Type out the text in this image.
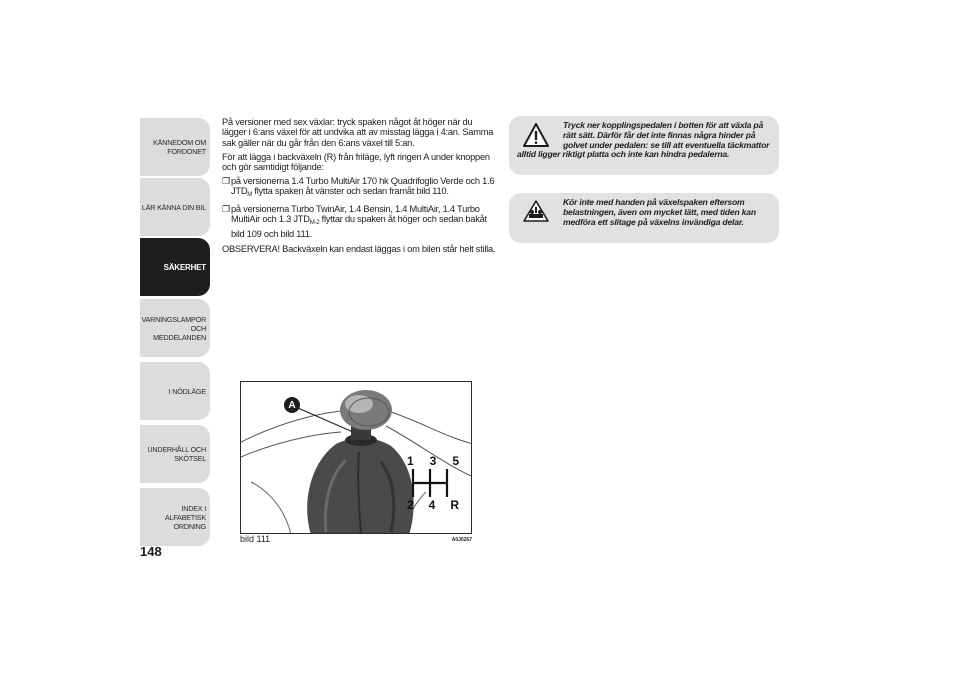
KÄNNEDOM OM
FORDONET
LÄR KÄNNA DIN BIL
SÄKERHET
VARNINGSLAMPOR
OCH MEDDELANDEN
I NÖDLÄGE
UNDERHÅLL OCH
SKÖTSEL
INDEX I ALFABETISK
ORDNING
148

På versioner med sex växlar: tryck spaken något åt höger när du lägger i 6:ans växel för att undvika att av misstag lägga i 4:an. Samma sak gäller när du går från den 6:ans växel till 5:an.

För att lägga i backväxeln (R) från friläge, lyft ringen A under knoppen och gör samtidigt följande:

❒ på versionerna 1.4 Turbo MultiAir 170 hk Quadrifoglio Verde och 1.6 $JTD_M$ flytta spaken åt vänster och sedan framåt bild 110.
❒ på versionerna Turbo TwinAir, 1.4 Bensin, 1.4 MultiAir, 1.4 Turbo MultiAir och 1.3 $JTD_{M-2}$ flyttar du spaken åt höger och sedan bakåt bild 109 och bild 111.

OBSERVERA! Backväxeln kan endast läggas i om bilen står helt stilla.

Tryck ner kopplingspedalen i botten för att växla på rätt sätt. Därför får det inte finnas några hinder på golvet under pedalen: se till att eventuella täckmattor alltid ligger riktigt platta och inte kan hindra pedalerna.
Kör inte med handen på växelspaken eftersom belastningen, även om mycket lätt, med tiden kan medföra ett slitage på växelns invändiga delar.
A
1 3 5
2 4 R
bild 111	A0J0267
